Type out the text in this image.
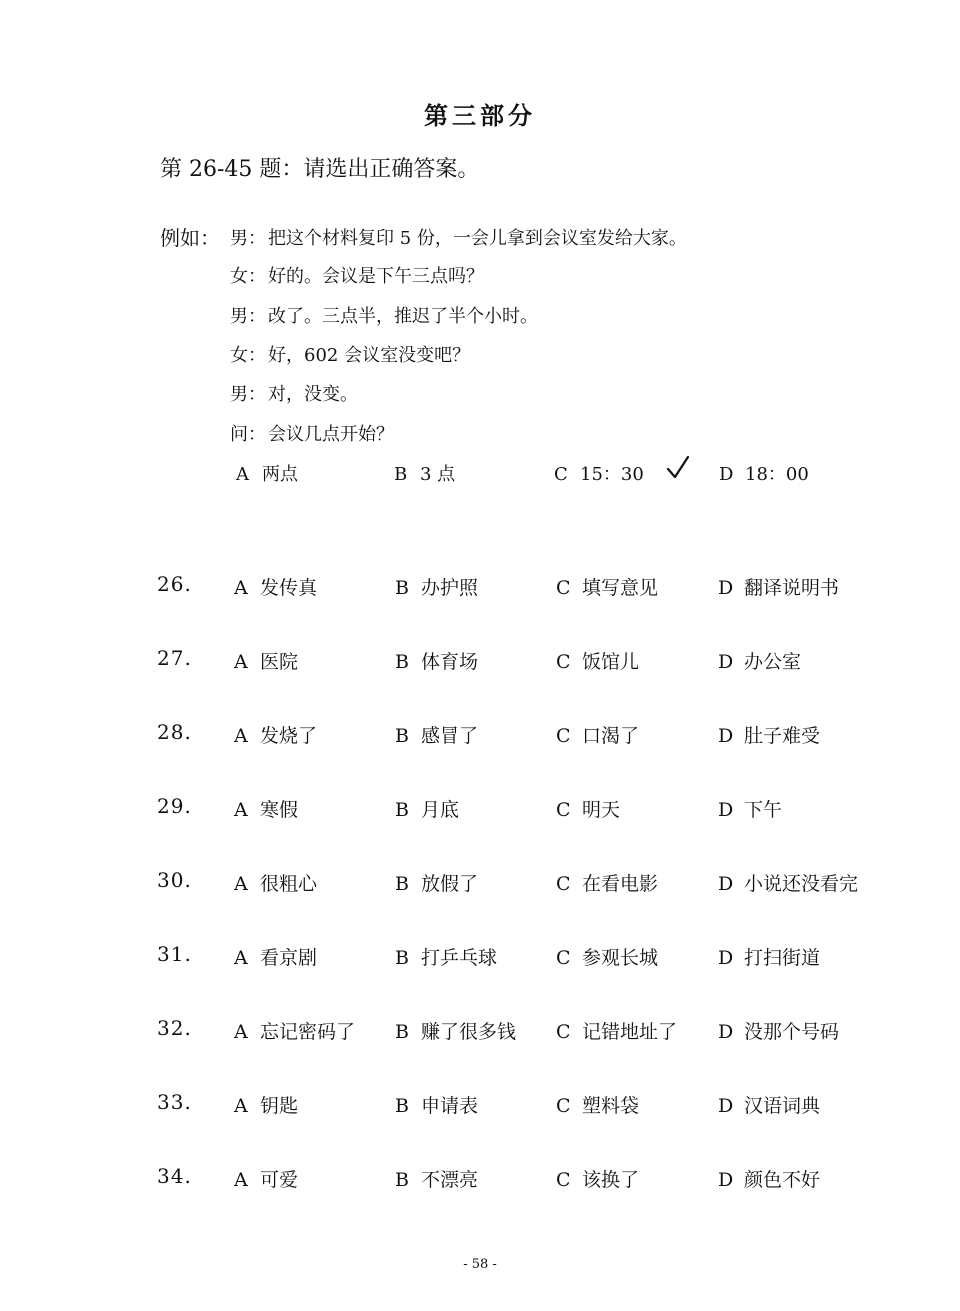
第三部分
第 26-45 题：请选出正确答案。
例如： 男： 把这个材料复印 5 份，一会儿拿到会议室发给大家。
女： 好的。会议是下午三点吗？
男： 改了。三点半，推迟了半个小时。
女： 好，602 会议室没变吧？
男： 对，没变。
问： 会议几点开始？
A 两点	B 3 点	C 15：30	D 18：00
26. A 发传真	B 办护照	C 填写意见	D 翻译说明书
27. A 医院	B 体育场	C 饭馆儿	D 办公室
28. A 发烧了	B 感冒了	C 口渴了	D 肚子难受
29. A 寒假	B 月底	C 明天	D 下午
30. A 很粗心	B 放假了	C 在看电影	D 小说还没看完
31. A 看京剧	B 打乒乓球	C 参观长城	D 打扫街道
32. A 忘记密码了 B 赚了很多钱 C 记错地址了 D 没那个号码
33. A 钥匙	B 申请表	C 塑料袋	D 汉语词典
34. A 可爱	B 不漂亮	C 该换了	D 颜色不好
- 58 -
